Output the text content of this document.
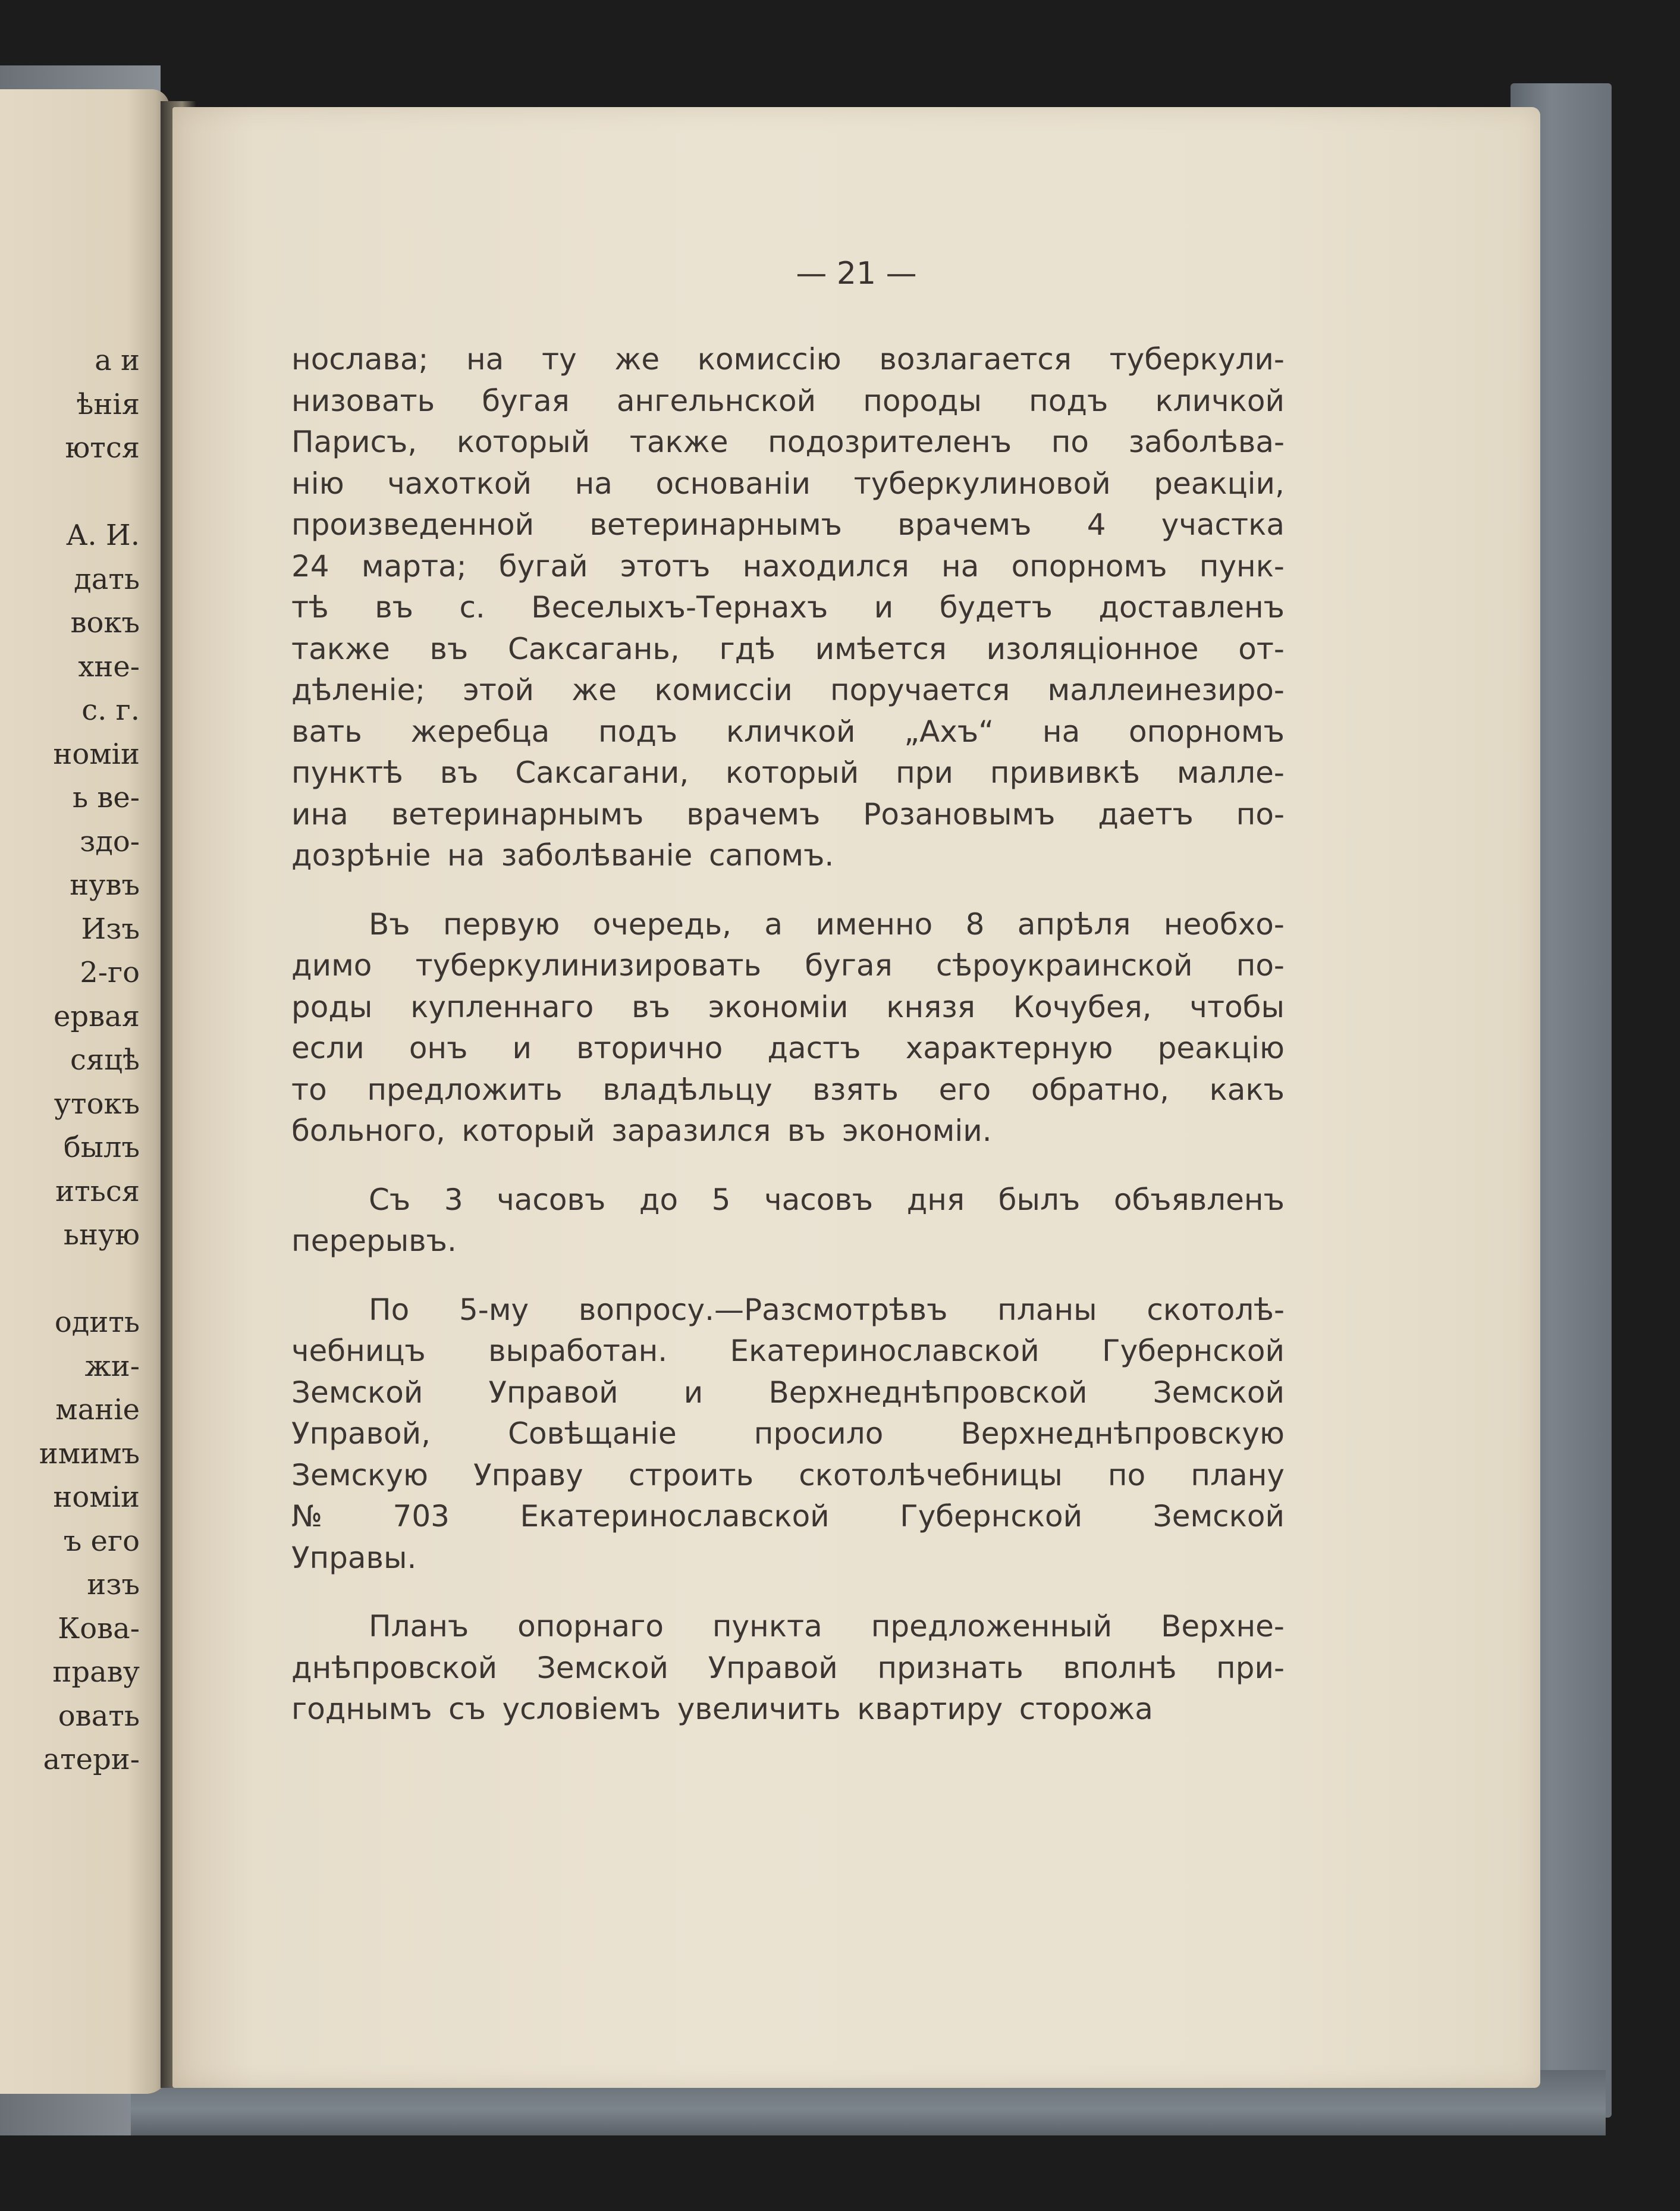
а и
ѣнія
ются
А. И.
дать
вокъ
хне-
с. г.
номіи
ь ве-
здо-
нувъ
Изъ
2-го
ервая
сяцѣ
утокъ
былъ
иться
ьную
одить
жи-
маніе
имимъ
номіи
ъ его
изъ
Кова-
праву
овать
атери-
— 21 —
нослава; на ту же комиссію возлагается туберкули-
низовать бугая ангельнской породы подъ кличкой
Парисъ, который также подозрителенъ по заболѣва-
нію чахоткой на основаніи туберкулиновой реакціи,
произведенной ветеринарнымъ врачемъ 4 участка
24 марта; бугай этотъ находился на опорномъ пунк-
тѣ въ с. Веселыхъ-Тернахъ и будетъ доставленъ
также въ Саксагань, гдѣ имѣется изоляціонное от-
дѣленіе; этой же комиссіи поручается маллеинезиро-
вать жеребца подъ кличкой „Ахъ“ на опорномъ
пунктѣ въ Саксагани, который при прививкѣ малле-
ина ветеринарнымъ врачемъ Розановымъ даетъ по-
дозрѣніе на заболѣваніе сапомъ.
Въ первую очередь, а именно 8 апрѣля необхо-
димо туберкулинизировать бугая сѣроукраинской по-
роды купленнаго въ экономіи князя Кочубея, чтобы
если онъ и вторично дастъ характерную реакцію
то предложить владѣльцу взять его обратно, какъ
больного, который заразился въ экономіи.
Съ 3 часовъ до 5 часовъ дня былъ объявленъ
перерывъ.
По 5-му вопросу.—Разсмотрѣвъ планы скотолѣ-
чебницъ выработан. Екатеринославской Губернской
Земской Управой и Верхнеднѣпровской Земской
Управой,	Совѣщаніе	просило	Верхнеднѣпровскую
Земскую Управу строить скотолѣчебницы по плану
№ 703 Екатеринославской Губернской Земской
Управы.
Планъ опорнаго пункта предложенный Верхне-
днѣпровской Земской Управой признать вполнѣ при-
годнымъ съ условіемъ увеличить квартиру сторожа
